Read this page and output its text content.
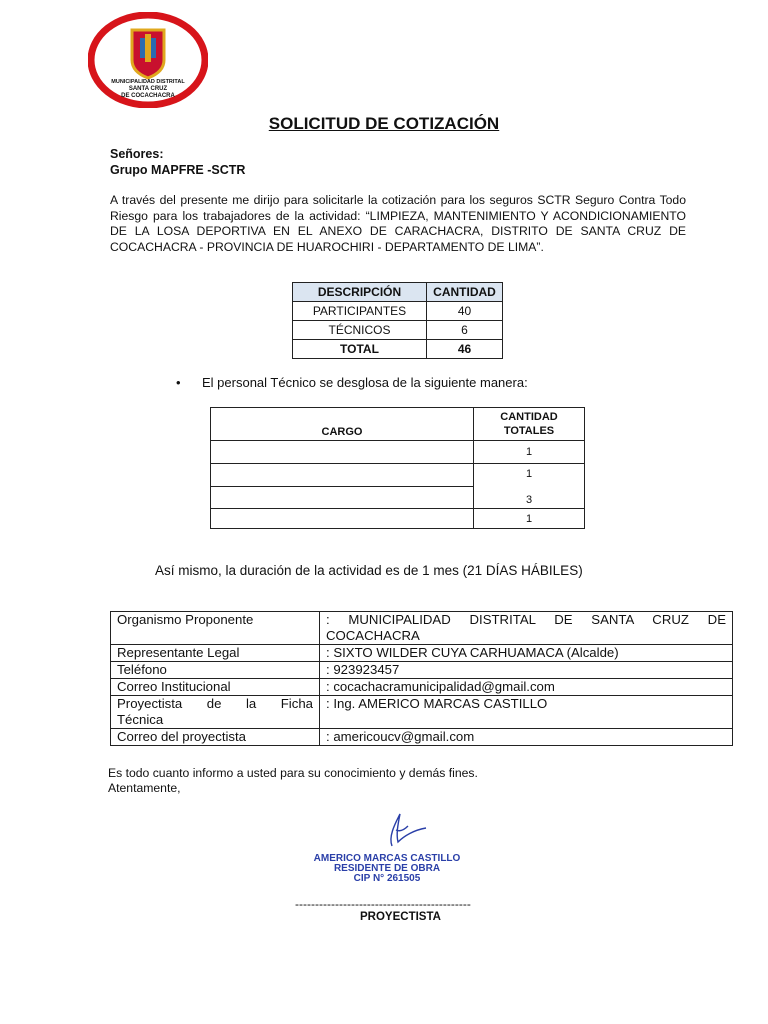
MUNICIPALIDAD DISTRITAL
SANTA CRUZ
DE COCACHACRA
SOLICITUD DE COTIZACIÓN
Señores:
Grupo MAPFRE -SCTR
A través del presente me dirijo para solicitarle la cotización para los seguros SCTR Seguro Contra Todo Riesgo para los trabajadores de la actividad: “LIMPIEZA, MANTENIMIENTO Y ACONDICIONAMIENTO DE LA LOSA DEPORTIVA EN EL ANEXO DE CARACHACRA, DISTRITO DE SANTA CRUZ DE COCACHACRA - PROVINCIA DE HUAROCHIRI - DEPARTAMENTO DE LIMA”.
DESCRIPCIÓN	CANTIDAD
PARTICIPANTES	40
TÉCNICOS	6
TOTAL	46
• El personal Técnico se desglosa de la siguiente manera:
CARGO	CANTIDAD TOTALES
	1
	1
	3
	1
Así mismo, la duración de la actividad es de 1 mes (21 DÍAS HÁBILES)
Organismo Proponente	: MUNICIPALIDAD DISTRITAL DE SANTA CRUZ DE
COCACHACRA
Representante Legal	: SIXTO WILDER CUYA CARHUAMACA (Alcalde)
Teléfono	: 923923457
Correo Institucional	: cocachacramunicipalidad@gmail.com

Proyectista de la Ficha
Técnica	: Ing. AMERICO MARCAS CASTILLO
Correo del proyectista	: americoucv@gmail.com
Es todo cuanto informo a usted para su conocimiento y demás fines.
Atentamente,
AMERICO MARCAS CASTILLO
RESIDENTE DE OBRA
CIP N° 261505
--------------------------------------------
PROYECTISTA
